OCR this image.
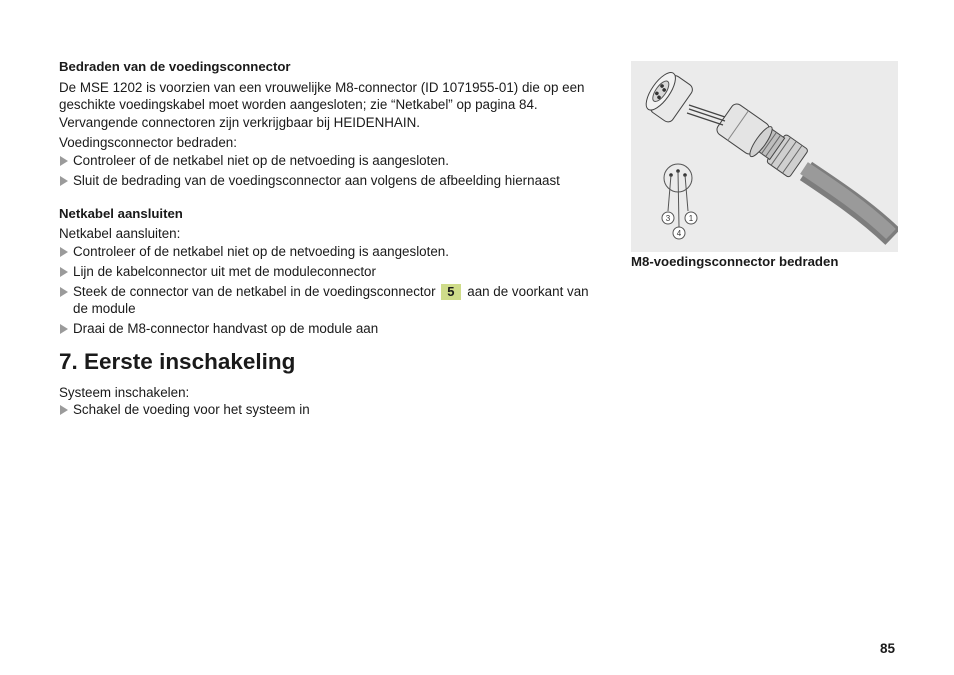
Bedraden van de voedingsconnector

De MSE 1202 is voorzien van een vrouwelijke M8-connector (ID 1071955-01) die op een geschikte voedingskabel moet worden aangesloten; zie “Netkabel” op pagina 84. Vervangende connectoren zijn verkrijgbaar bij HEIDENHAIN.

Voedingsconnector bedraden:

Controleer of de netkabel niet op de netvoeding is aangesloten.
Sluit de bedrading van de voedingsconnector aan volgens de afbeelding hiernaast
Netkabel aansluiten

Netkabel aansluiten:

Controleer of de netkabel niet op de netvoeding is aangesloten.
Lijn de kabelconnector uit met de moduleconnector
Steek de connector van de netkabel in de voedingsconnector 5 aan de voorkant van de module
Draai de M8-connector handvast op de module aan
7. Eerste inschakeling

Systeem inschakelen:

Schakel de voeding voor het systeem in
3 1
4
M8-voedingsconnector bedraden
85
